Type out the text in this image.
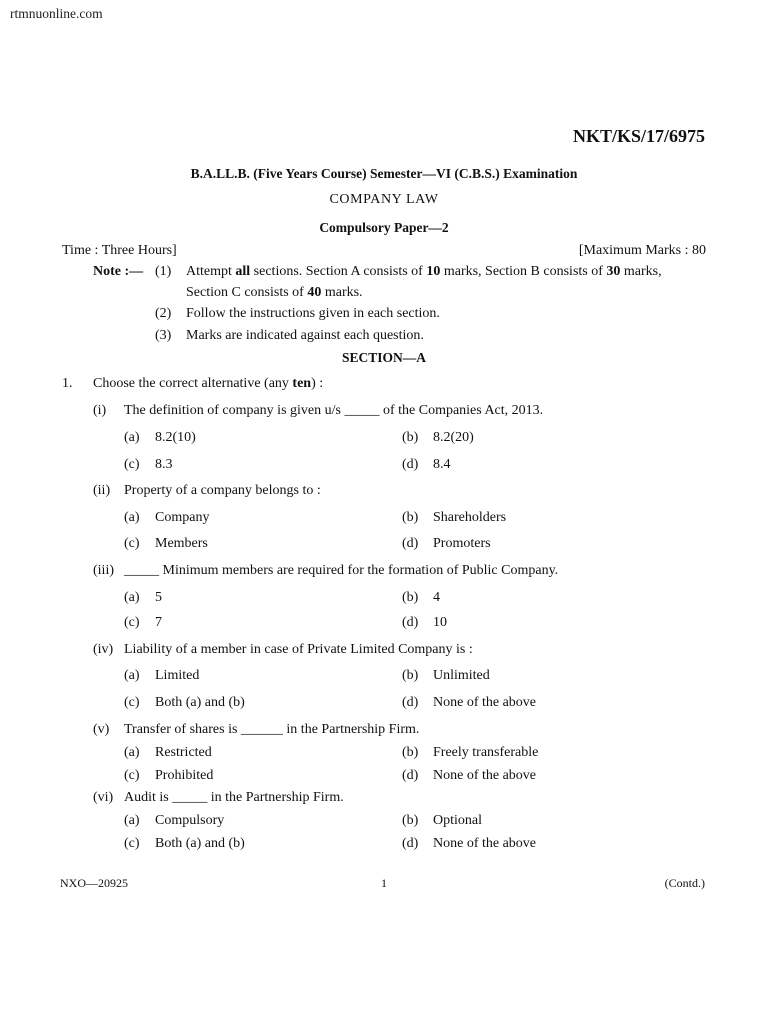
rtmnuonline.com
NKT/KS/17/6975
B.A.LL.B. (Five Years Course) Semester—VI (C.B.S.) Examination
COMPANY LAW
Compulsory Paper—2
Time : Three Hours]	[Maximum Marks : 80
Note :— (1) Attempt all sections. Section A consists of 10 marks, Section B consists of 30 marks,
Section C consists of 40 marks.
(2) Follow the instructions given in each section.
(3) Marks are indicated against each question.
SECTION—A
1. Choose the correct alternative (any ten) :
(i) The definition of company is given u/s _____ of the Companies Act, 2013.
(a) 8.2(10)	(b) 8.2(20)
(c) 8.3	(d) 8.4
(ii) Property of a company belongs to :
(a) Company	(b) Shareholders
(c) Members	(d) Promoters
(iii) _____ Minimum members are required for the formation of Public Company.
(a) 5	(b) 4
(c) 7	(d) 10
(iv) Liability of a member in case of Private Limited Company is :
(a) Limited	(b) Unlimited
(c) Both (a) and (b)	(d) None of the above
(v) Transfer of shares is ______ in the Partnership Firm.
(a) Restricted	(b) Freely transferable
(c) Prohibited	(d) None of the above
(vi) Audit is _____ in the Partnership Firm.
(a) Compulsory	(b) Optional
(c) Both (a) and (b)	(d) None of the above
NXO—20925	1	(Contd.)
